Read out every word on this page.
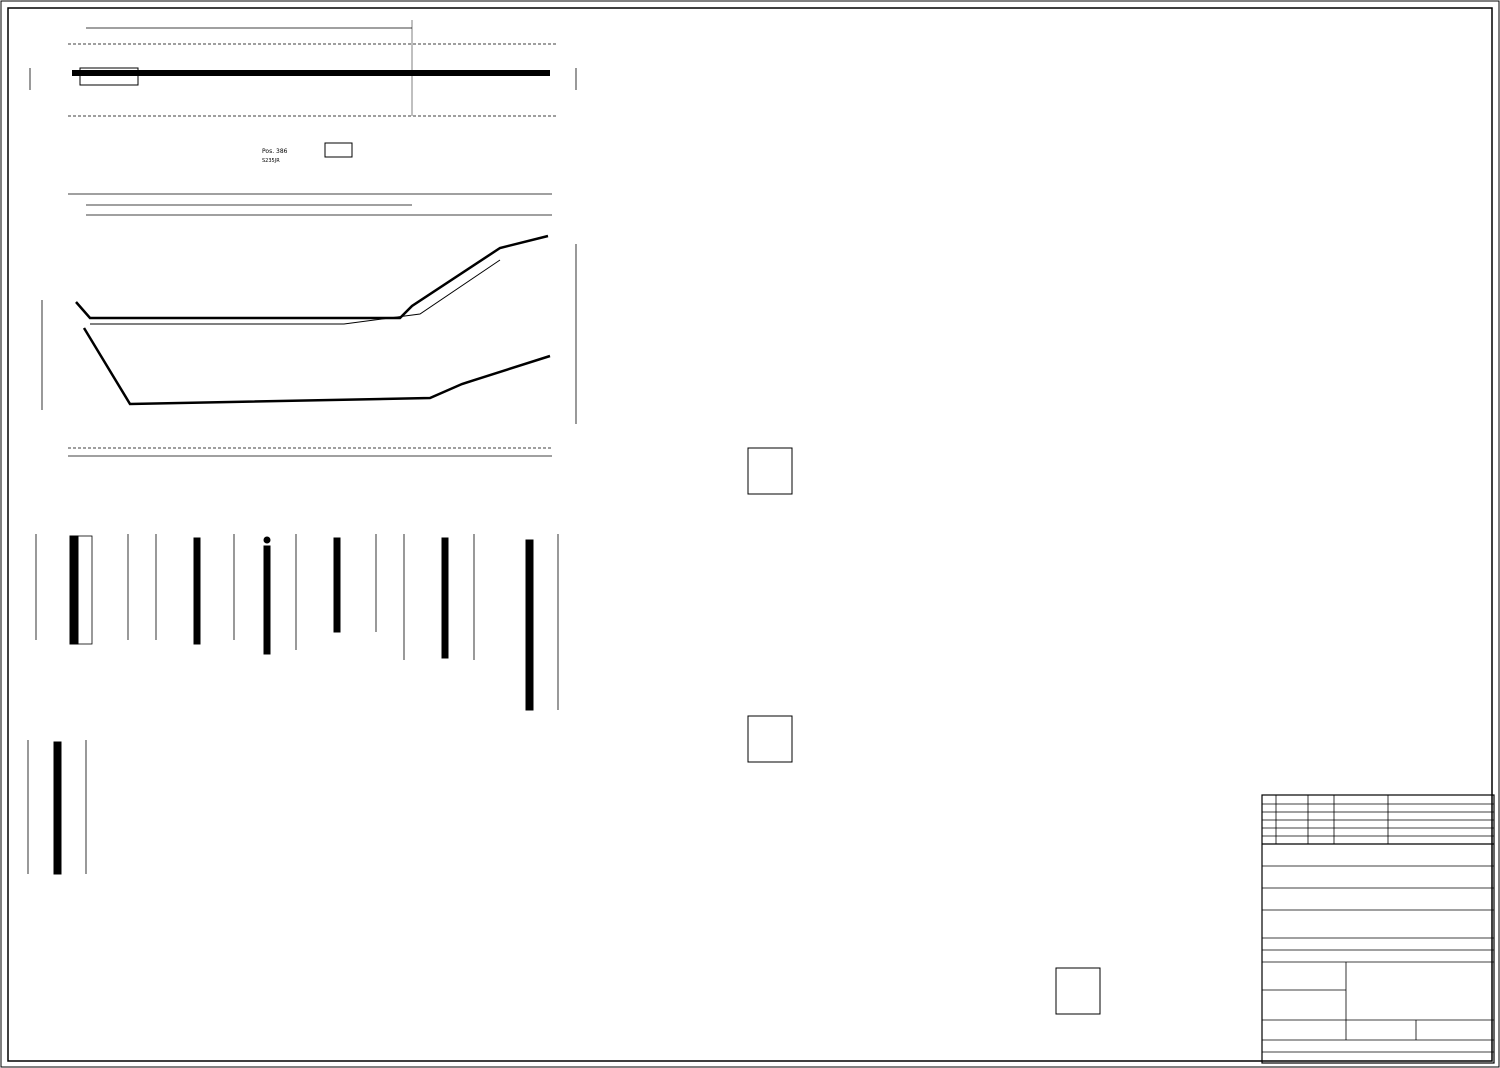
Pos. 386
S235JR
